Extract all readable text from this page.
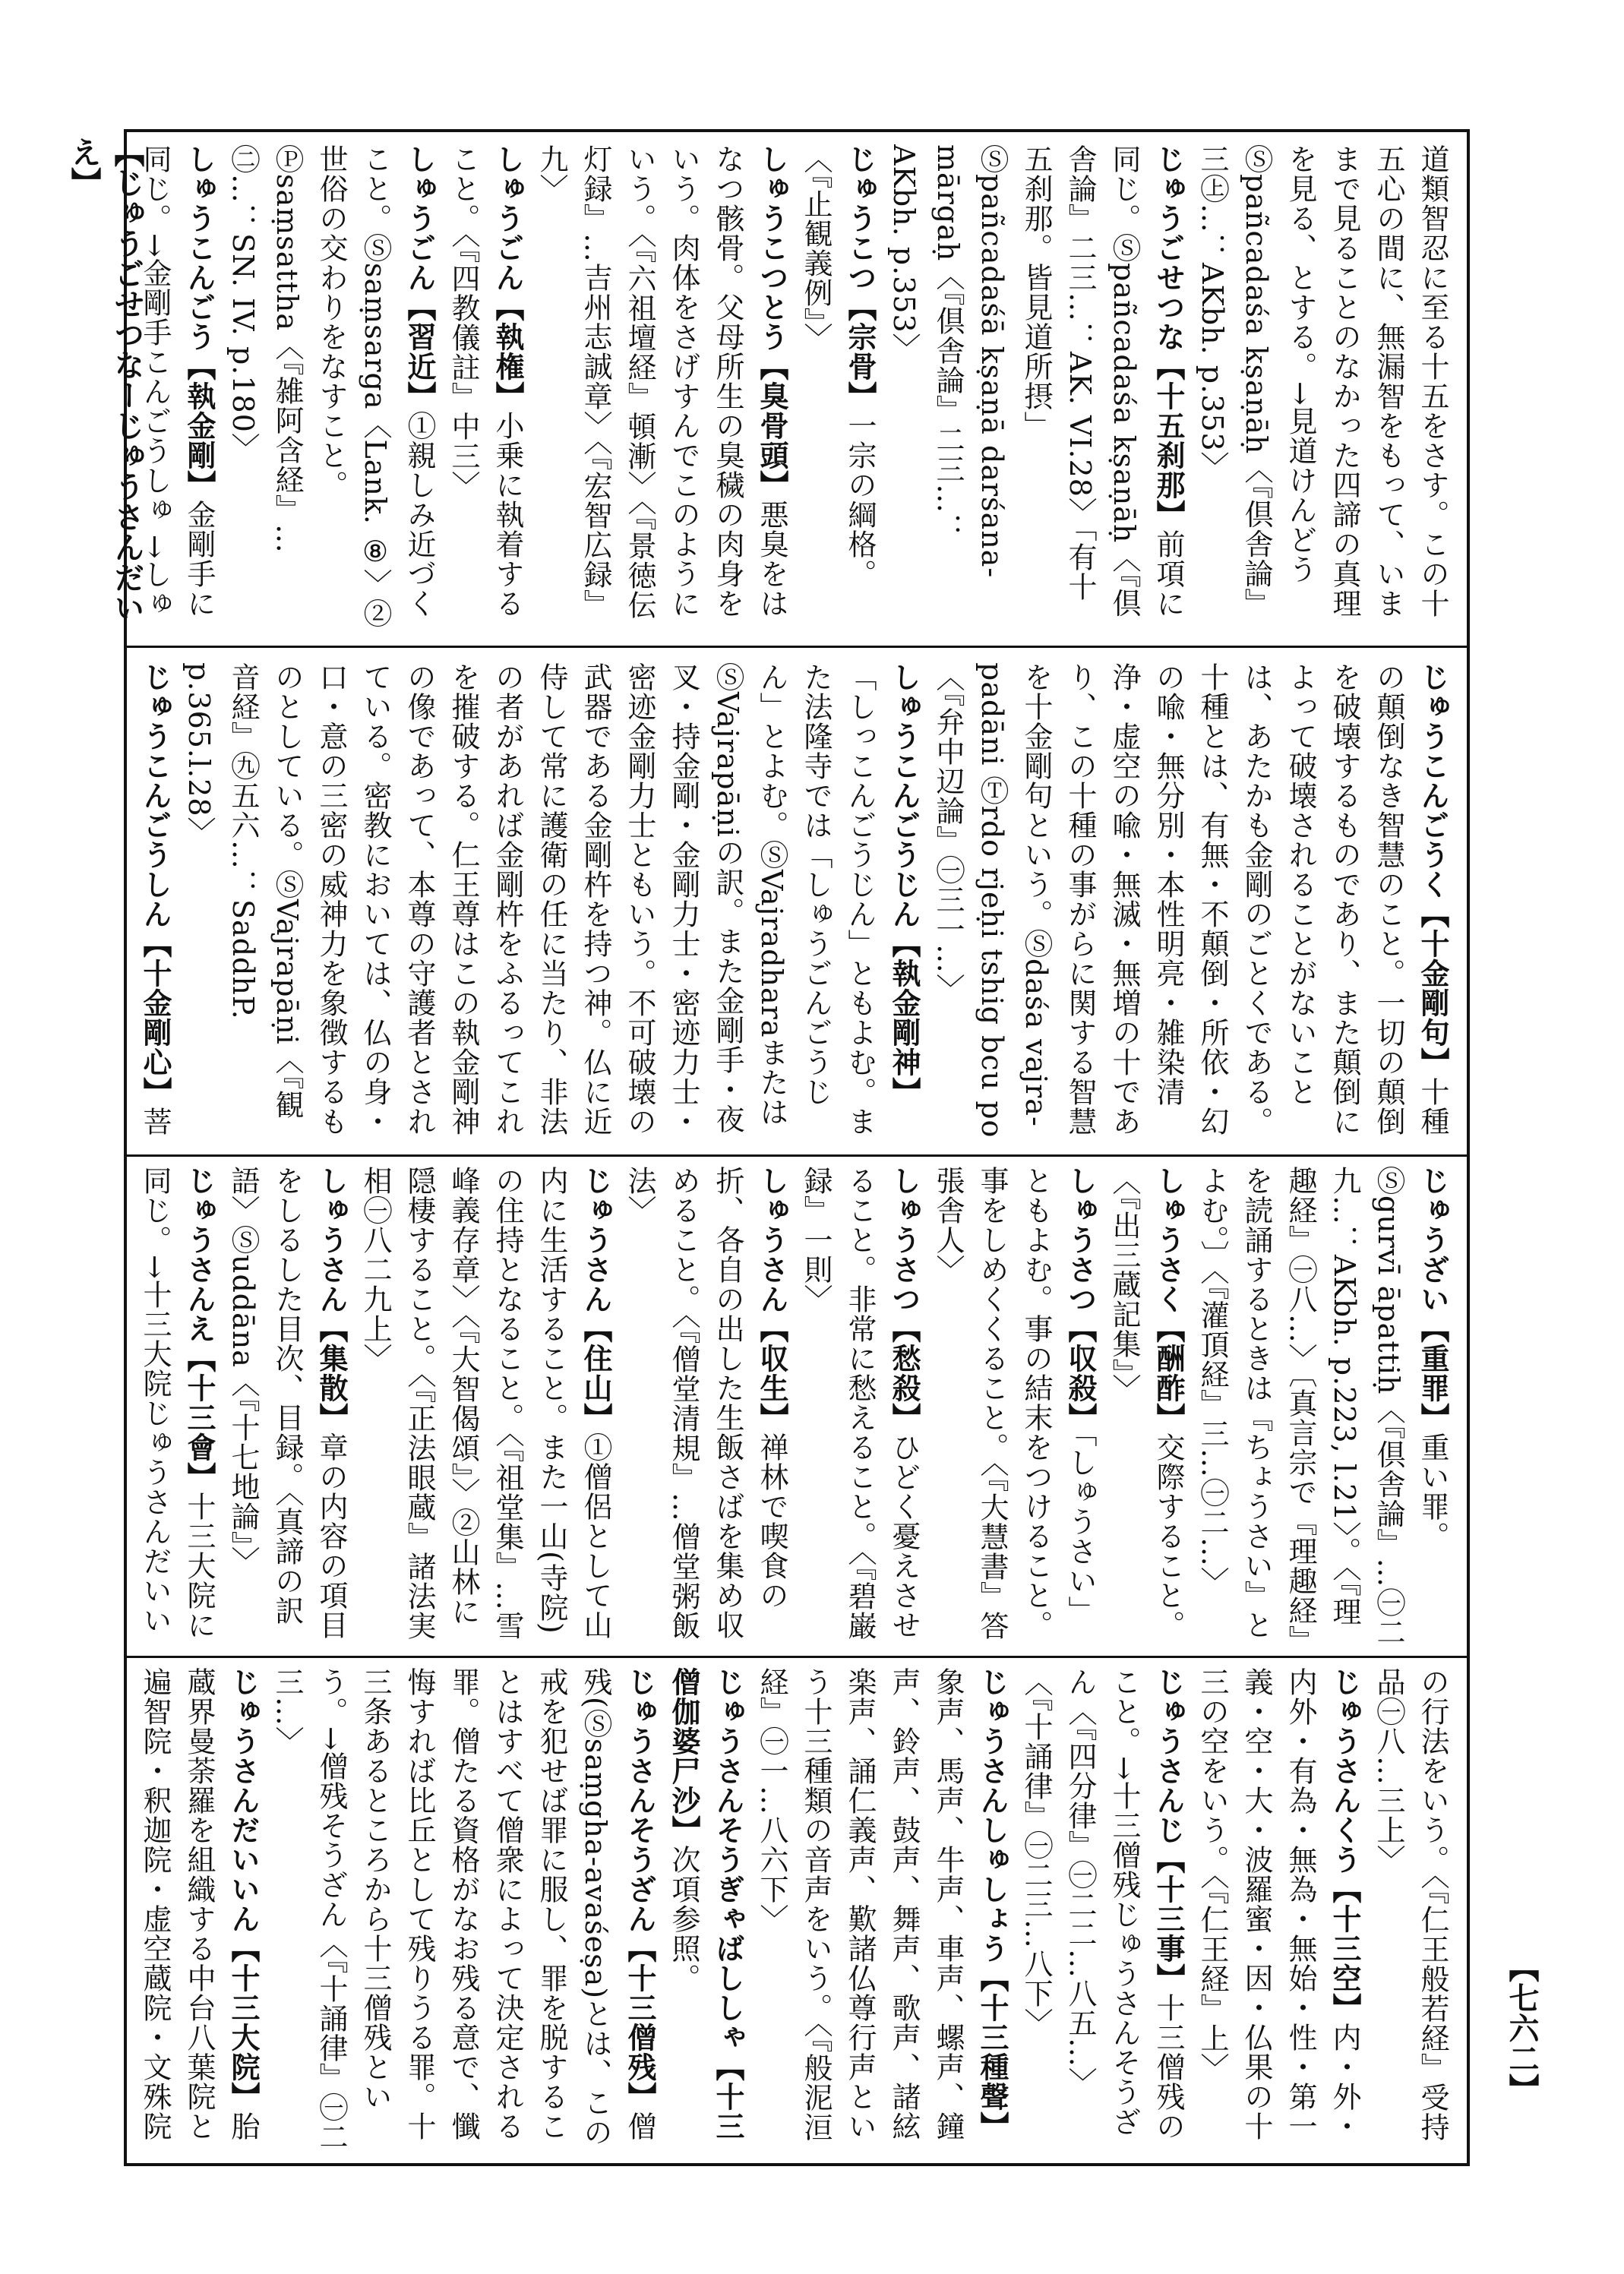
【じゅうごせつなーじゅうさんだいえ】
【七六二】
道類智忍に至る十五をさす。この十五心の間に、無漏智をもって、いままで見ることのなかった四諦の真理を見る、とする。→見道けんどう Ⓢpañcadaśa kṣaṇāḥ〈『倶舎論』三㊤…：AKbh. p.353〉
じゅうごせつな【十五刹那】前項に同じ。Ⓢpañcadaśa kṣaṇāḥ〈『倶舎論』二三…：AK. VI.28〉「有十五刹那。皆見道所摂」Ⓢpañcadaśā kṣaṇā darśana-mārgaḥ〈『倶舎論』二三…：AKbh. p.353〉
じゅうこつ【宗骨】一宗の綱格。〈『止観義例』〉
しゅうこつとう【臭骨頭】悪臭をはなつ骸骨。父母所生の臭穢の肉身をいう。肉体をさげすんでこのようにいう。〈『六祖壇経』頓漸〉〈『景徳伝灯録』…吉州志誠章〉〈『宏智広録』九〉
しゅうごん【執権】小乗に執着すること。〈『四教儀註』中三〉
しゅうごん【習近】①親しみ近づくこと。Ⓢsaṃsarga〈Lank. ⑧〉②世俗の交わりをなすこと。Ⓟsaṃsattha〈『雑阿含経』…㊁…：SN. IV. p.180〉
しゅうこんごう【執金剛】金剛手に同じ。→金剛手こんごうしゅ →しゅ
じゅうこんごうく【十金剛句】十種の顛倒なき智慧のこと。一切の顛倒を破壊するものであり、また顛倒によって破壊されることがないことは、あたかも金剛のごとくである。十種とは、有無・不顛倒・所依・幻の喩・無分別・本性明亮・雑染清浄・虚空の喩・無滅・無増の十であり、この十種の事がらに関する智慧を十金剛句という。Ⓢdaśa vajra-padāni Ⓣrdo rjeḥi tshig bcu po〈『弁中辺論』㊀三一…〉
しゅうこんごうじん【執金剛神】「しっこんごうじん」ともよむ。また法隆寺では「しゅうごんごうじん」とよむ。ⓈVajradharaまたはⓈVajrapāṇiの訳。また金剛手・夜叉・持金剛・金剛力士・密迹力士・密迹金剛力士ともいう。不可破壊の武器である金剛杵を持つ神。仏に近侍して常に護衛の任に当たり、非法の者があれば金剛杵をふるってこれを摧破する。仁王尊はこの執金剛神の像であって、本尊の守護者とされている。密教においては、仏の身・口・意の三密の威神力を象徴するものとしている。ⓈVajrapāṇi〈『観音経』㊈五六…：SaddhP. p.365.l.28〉
じゅうこんごうしん【十金剛心】菩
じゅうざい【重罪】重い罪。Ⓢgurvī āpattiḥ〈『倶舎論』…㊀二九…：AKbh. p.223, l.21〉。〈『理趣経』㊀八…〉〔真言宗で『理趣経』を読誦するときは『ちょうさい』とよむ。〕〈『灌頂経』三…㊀二…〉
しゅうさく【酬酢】交際すること。〈『出三蔵記集』〉
しゅうさつ【収殺】「しゅうさい」ともよむ。事の結末をつけること。事をしめくくること。〈『大慧書』答張舎人〉
しゅうさつ【愁殺】ひどく憂えさせること。非常に愁えること。〈『碧巌録』一則〉
しゅうさん【収生】禅林で喫食の折、各自の出した生飯さばを集め収めること。〈『僧堂清規』…僧堂粥飯法〉
じゅうさん【住山】①僧侶として山内に生活すること。また一山(寺院)の住持となること。〈『祖堂集』…雪峰義存章〉〈『大智偈頌』〉②山林に隠棲すること。〈『正法眼蔵』諸法実相㊀八二九上〉
しゅうさん【集散】章の内容の項目をしるした目次、目録。〈真諦の訳語〉Ⓢuddāna〈『十七地論』〉
じゅうさんえ【十三會】十三大院に同じ。→十三大院じゅうさんだいい
の行法をいう。〈『仁王般若経』受持品㊀八…三上〉
じゅうさんくう【十三空】内・外・内外・有為・無為・無始・性・第一義・空・大・波羅蜜・因・仏果の十三の空をいう。〈『仁王経』上〉
じゅうさんじ【十三事】十三僧残のこと。→十三僧残じゅうさんそうざん〈『四分律』㊀二二…八五…〉〈『十誦律』㊀二三…八下〉
じゅうさんしゅしょう【十三種聲】象声、馬声、牛声、車声、螺声、鐘声、鈴声、鼓声、舞声、歌声、諸絃楽声、誦仁義声、歎諸仏尊行声という十三種類の音声をいう。〈『般泥洹経』㊀一…八六下〉
じゅうさんそうぎゃばししゃ【十三僧伽婆尸沙】次項参照。
じゅうさんそうざん【十三僧残】僧残(Ⓢsaṃgha-avaśeṣa)とは、この戒を犯せば罪に服し、罪を脱することはすべて僧衆によって決定される罪。僧たる資格がなお残る意で、懺悔すれば比丘として残りうる罪。十三条あるところから十三僧残という。→僧残そうざん〈『十誦律』㊀二三…〉
じゅうさんだいいん【十三大院】胎蔵界曼荼羅を組織する中台八葉院と遍智院・釈迦院・虚空蔵院・文殊院
